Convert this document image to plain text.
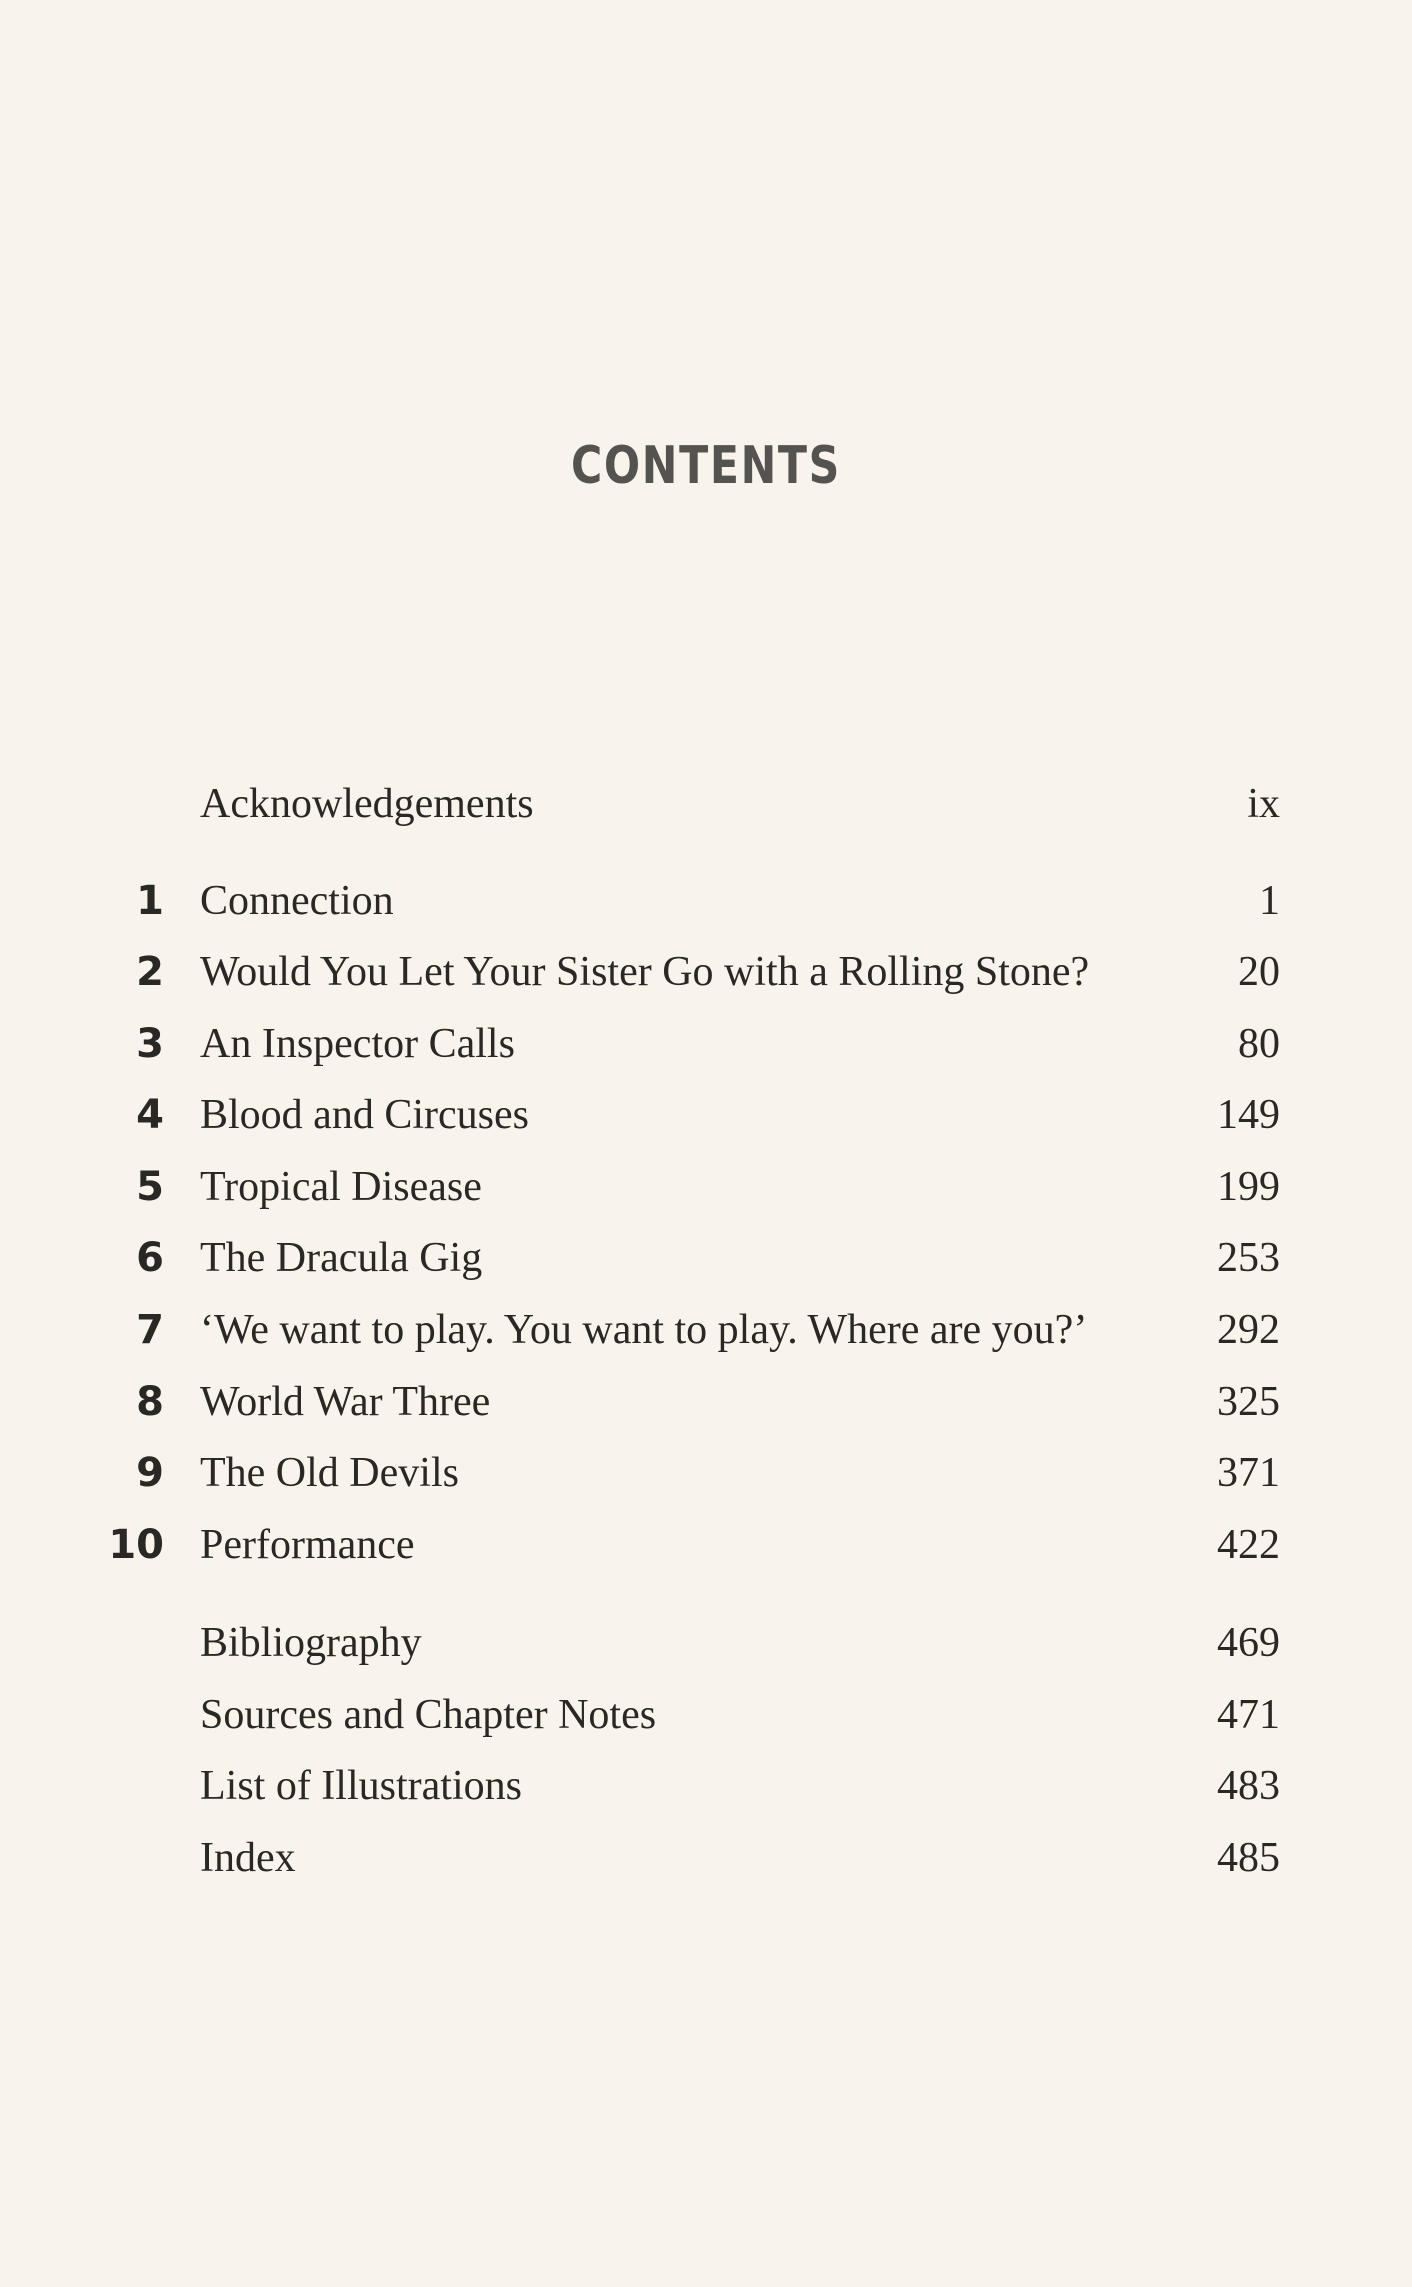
CONTENTS
Acknowledgements	ix
1 Connection	1
2 Would You Let Your Sister Go with a Rolling Stone?	20
3 An Inspector Calls	80
4 Blood and Circuses	149
5 Tropical Disease	199
6 The Dracula Gig	253
7 ‘We want to play. You want to play. Where are you?’	292
8 World War Three	325
9 The Old Devils	371
10 Performance	422
Bibliography	469
Sources and Chapter Notes	471
List of Illustrations	483
Index	485
